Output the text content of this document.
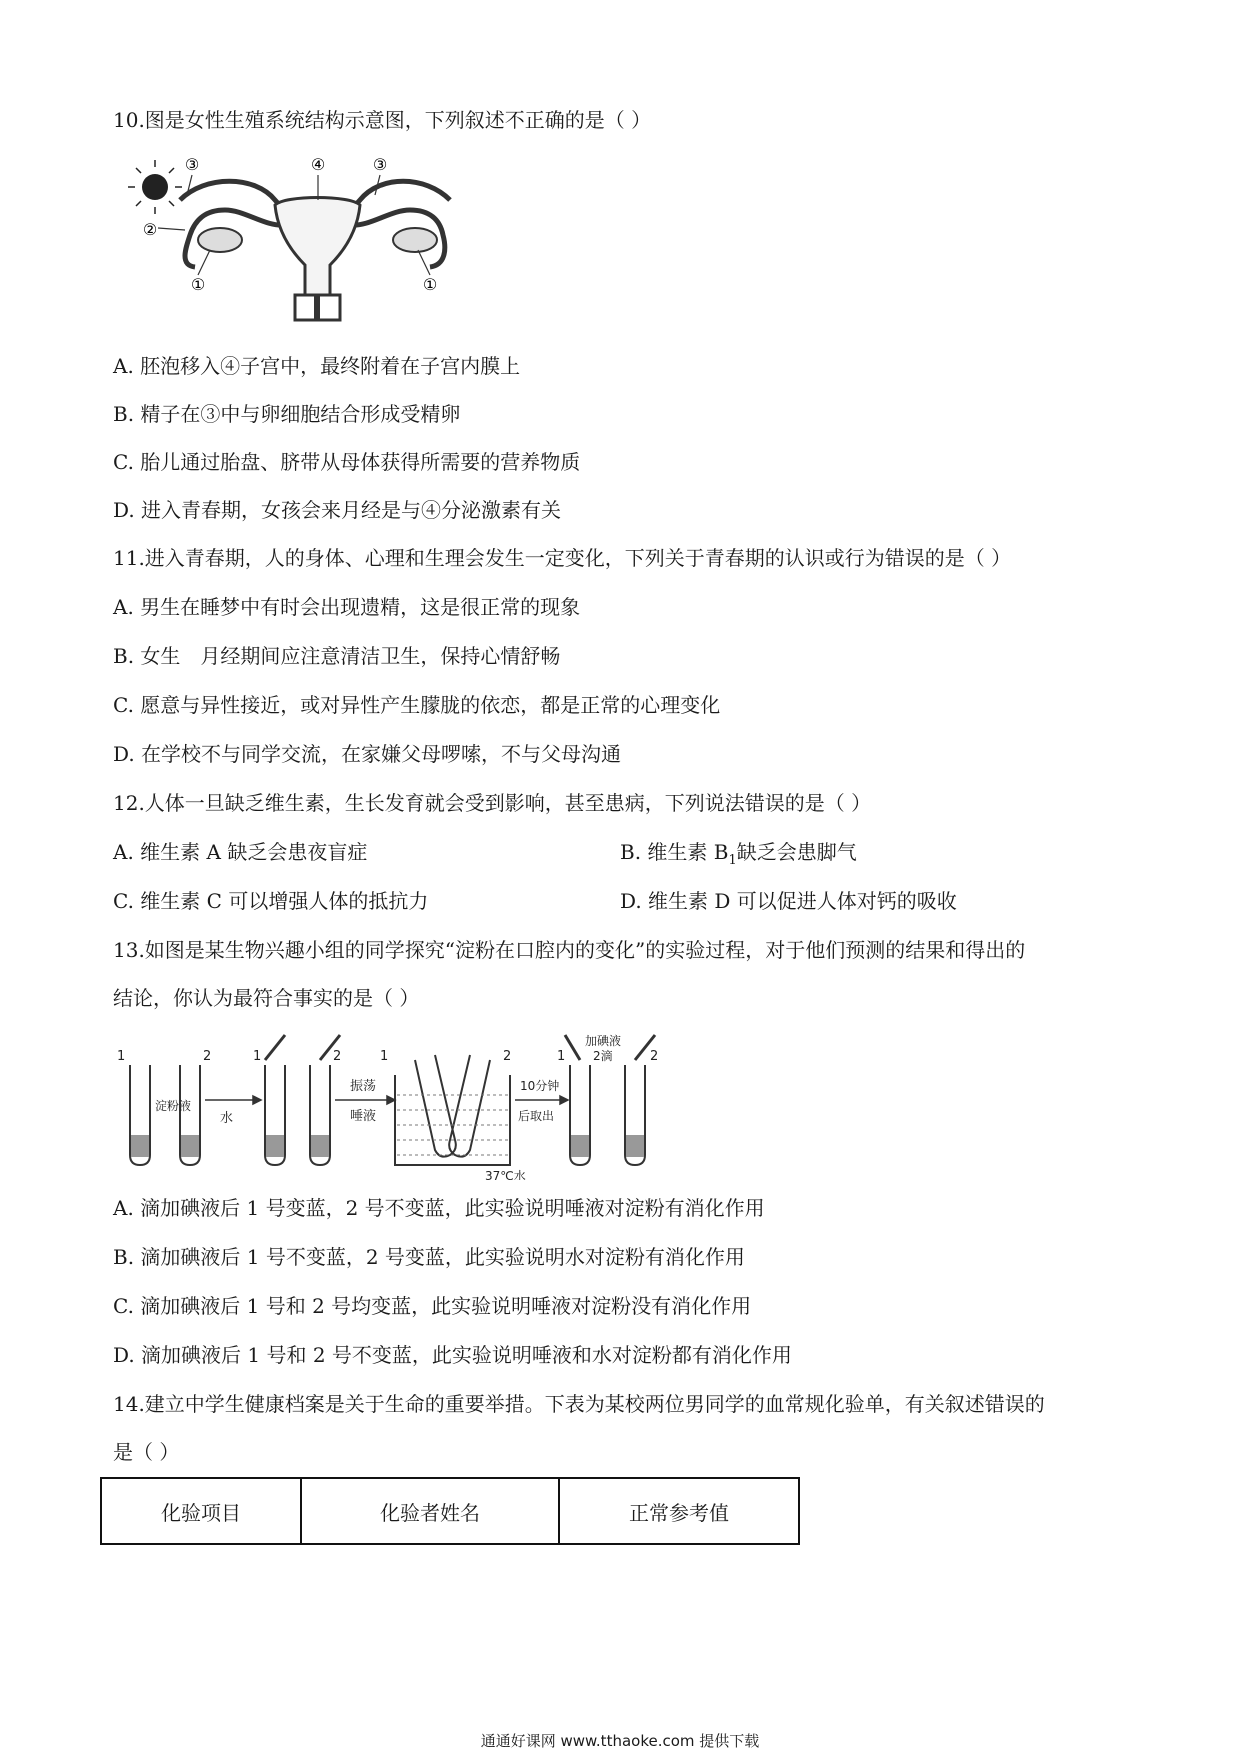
10.图是女性生殖系统结构示意图，下列叙述不正确的是（ ）
③	④	③
②
①	①
A. 胚泡移入④子宫中，最终附着在子宫内膜上
B. 精子在③中与卵细胞结合形成受精卵
C. 胎儿通过胎盘、脐带从母体获得所需要的营养物质
D. 进入青春期，女孩会来月经是与④分泌激素有关
11.进入青春期，人的身体、心理和生理会发生一定变化，下列关于青春期的认识或行为错误的是（ ）
A. 男生在睡梦中有时会出现遗精，这是很正常的现象
B. 女生　月经期间应注意清洁卫生，保持心情舒畅
C. 愿意与异性接近，或对异性产生朦胧的依恋，都是正常的心理变化
D. 在学校不与同学交流，在家嫌父母啰嗦，不与父母沟通
12.人体一旦缺乏维生素，生长发育就会受到影响，甚至患病，下列说法错误的是（ ）
A. 维生素 A 缺乏会患夜盲症	B. 维生素 $B_1$缺乏会患脚气
C. 维生素 C 可以增强人体的抵抗力	D. 维生素 D 可以促进人体对钙的吸收
13.如图是某生物兴趣小组的同学探究“淀粉在口腔内的变化”的实验过程，对于他们预测的结果和得出的
结论，你认为最符合事实的是（ ）
1	2	1	2	1	2	1	2
淀粉液
水
振荡
唾液
10分钟
后取出
37℃水
加碘液
2滴
A. 滴加碘液后 1 号变蓝，2 号不变蓝，此实验说明唾液对淀粉有消化作用
B. 滴加碘液后 1 号不变蓝，2 号变蓝，此实验说明水对淀粉有消化作用
C. 滴加碘液后 1 号和 2 号均变蓝，此实验说明唾液对淀粉没有消化作用
D. 滴加碘液后 1 号和 2 号不变蓝，此实验说明唾液和水对淀粉都有消化作用
14.建立中学生健康档案是关于生命的重要举措。下表为某校两位男同学的血常规化验单，有关叙述错误的
是（ ）
化验项目	化验者姓名	正常参考值
通通好课网 www.tthaoke.com 提供下载
